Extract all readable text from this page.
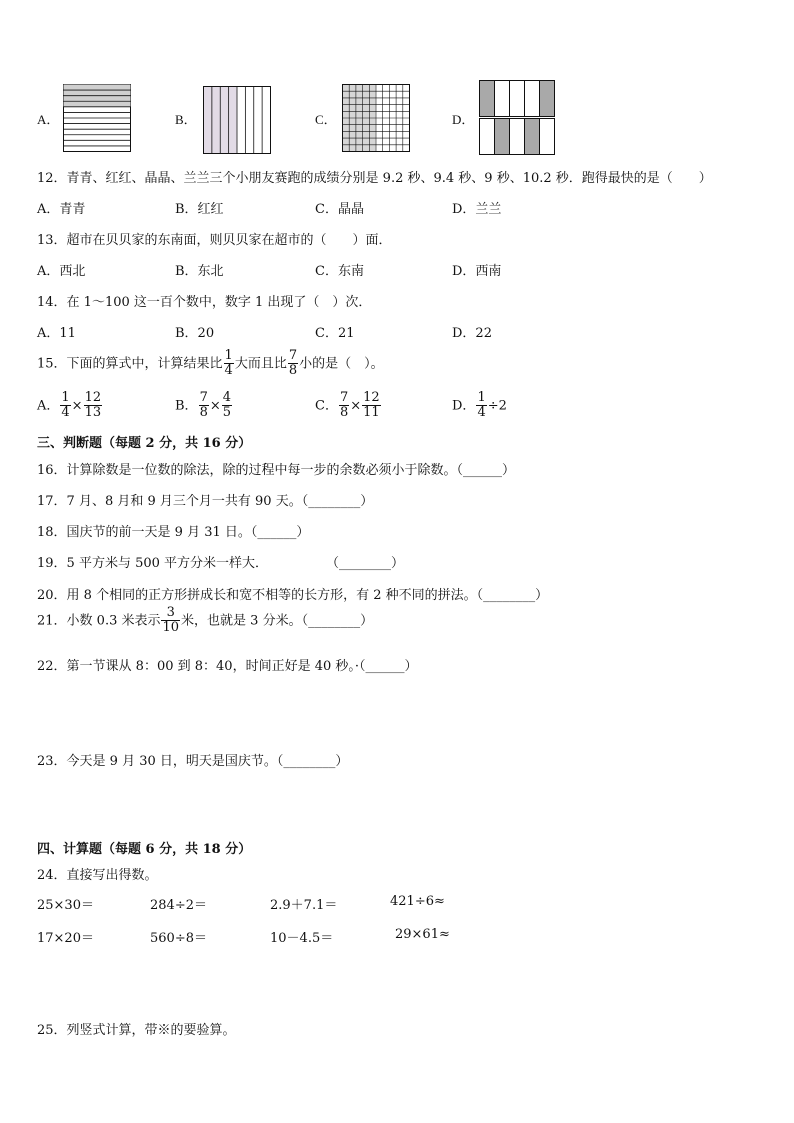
A．	B．	C．	D．
12．青青、红红、晶晶、兰兰三个小朋友赛跑的成绩分别是 9.2 秒、9.4 秒、9 秒、10.2 秒．跑得最快的是（　　）
A．青青	B．红红	C．晶晶	D．兰兰
13．超市在贝贝家的东南面，则贝贝家在超市的（　　）面．
A．西北	B．东北	C．东南	D．西南
14．在 1～100 这一百个数中，数字 1 出现了（　）次．
A．11	B．20	C．21	D．22
15．下面的算式中，计算结果比 $\frac{1}{4}$ 大而且比 $\frac{7}{8}$ 小的是（　）。
A． $\frac{1}{4} \times \frac{12}{13}$	B． $\frac{7}{8} \times \frac{4}{5}$	C． $\frac{7}{8} \times \frac{12}{11}$	D． $\frac{1}{4} \div 2$
三、判断题（每题 2 分，共 16 分）
16．计算除数是一位数的除法，除的过程中每一步的余数必须小于除数。（______）
17．7 月、8 月和 9 月三个月一共有 90 天。（________）
18．国庆节的前一天是 9 月 31 日。（______）
19．5 平方米与 500 平方分米一样大．	（________）
20．用 8 个相同的正方形拼成长和宽不相等的长方形，有 2 种不同的拼法。（________）
21．小数 0.3 米表示 $\frac{3}{10}$ 米，也就是 3 分米。（________）
22．第一节课从 8：00 到 8：40，时间正好是 40 秒。·（______）
23．今天是 9 月 30 日，明天是国庆节。（________）
四、计算题（每题 6 分，共 18 分）
24．直接写出得数。
25×30＝	284÷2＝	2.9＋7.1＝	421÷6≈
17×20＝	560÷8＝	10－4.5＝	29×61≈
25．列竖式计算，带※的要验算。
